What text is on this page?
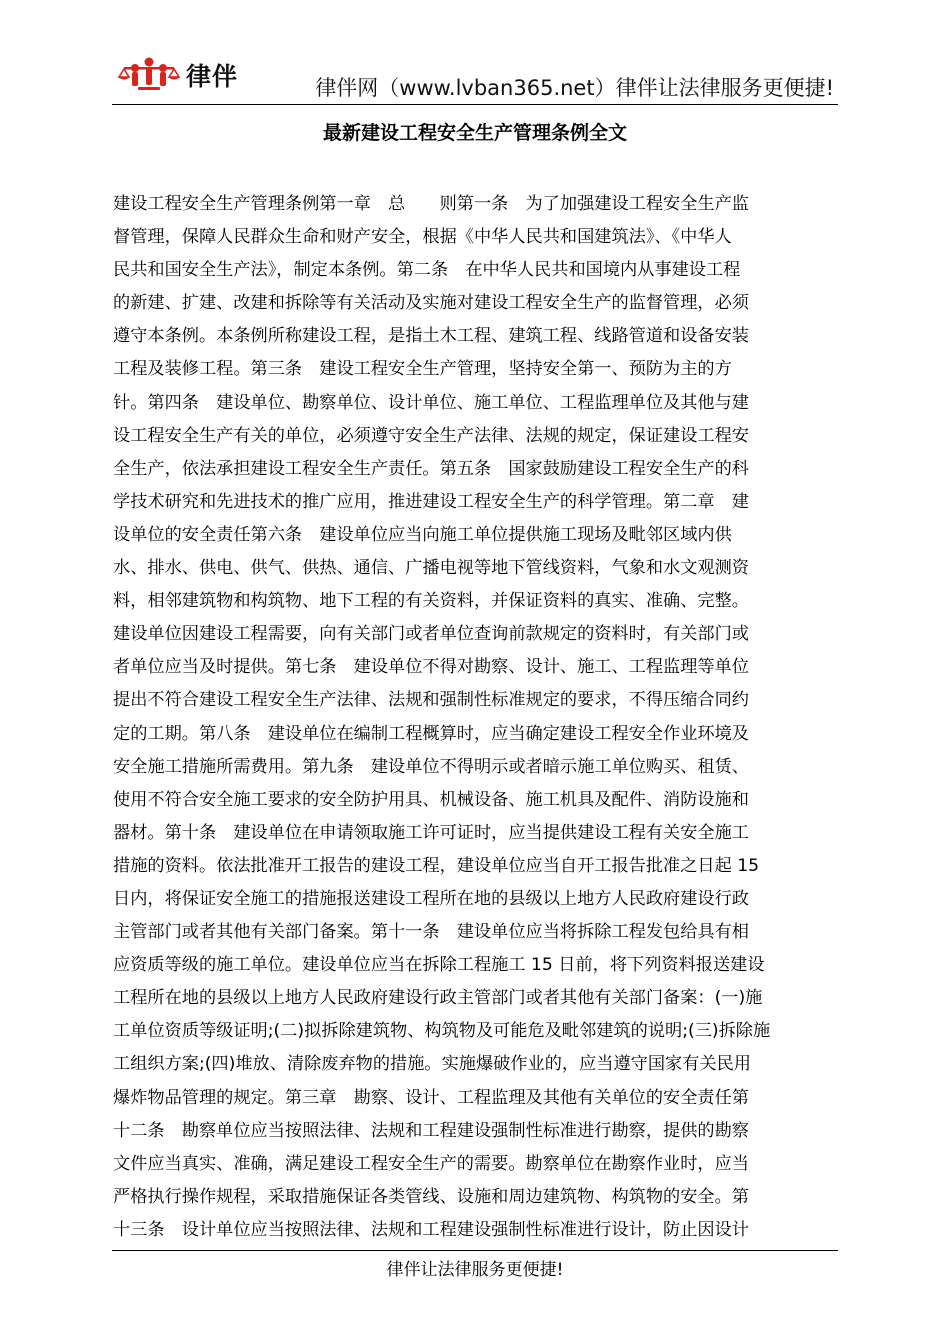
律伴	律伴网（www.lvban365.net）律伴让法律服务更便捷!
最新建设工程安全生产管理条例全文
建设工程安全生产管理条例第一章　总　　则第一条　为了加强建设工程安全生产监
督管理，保障人民群众生命和财产安全，根据《中华人民共和国建筑法》、《中华人
民共和国安全生产法》，制定本条例。第二条　在中华人民共和国境内从事建设工程
的新建、扩建、改建和拆除等有关活动及实施对建设工程安全生产的监督管理，必须
遵守本条例。本条例所称建设工程，是指土木工程、建筑工程、线路管道和设备安装
工程及装修工程。第三条　建设工程安全生产管理，坚持安全第一、预防为主的方
针。第四条　建设单位、勘察单位、设计单位、施工单位、工程监理单位及其他与建
设工程安全生产有关的单位，必须遵守安全生产法律、法规的规定，保证建设工程安
全生产，依法承担建设工程安全生产责任。第五条　国家鼓励建设工程安全生产的科
学技术研究和先进技术的推广应用，推进建设工程安全生产的科学管理。第二章　建
设单位的安全责任第六条　建设单位应当向施工单位提供施工现场及毗邻区域内供
水、排水、供电、供气、供热、通信、广播电视等地下管线资料，气象和水文观测资
料，相邻建筑物和构筑物、地下工程的有关资料，并保证资料的真实、准确、完整。
建设单位因建设工程需要，向有关部门或者单位查询前款规定的资料时，有关部门或
者单位应当及时提供。第七条　建设单位不得对勘察、设计、施工、工程监理等单位
提出不符合建设工程安全生产法律、法规和强制性标准规定的要求，不得压缩合同约
定的工期。第八条　建设单位在编制工程概算时，应当确定建设工程安全作业环境及
安全施工措施所需费用。第九条　建设单位不得明示或者暗示施工单位购买、租赁、
使用不符合安全施工要求的安全防护用具、机械设备、施工机具及配件、消防设施和
器材。第十条　建设单位在申请领取施工许可证时，应当提供建设工程有关安全施工
措施的资料。依法批准开工报告的建设工程，建设单位应当自开工报告批准之日起 15
日内，将保证安全施工的措施报送建设工程所在地的县级以上地方人民政府建设行政
主管部门或者其他有关部门备案。第十一条　建设单位应当将拆除工程发包给具有相
应资质等级的施工单位。建设单位应当在拆除工程施工 15 日前，将下列资料报送建设
工程所在地的县级以上地方人民政府建设行政主管部门或者其他有关部门备案：(一)施
工单位资质等级证明;(二)拟拆除建筑物、构筑物及可能危及毗邻建筑的说明;(三)拆除施
工组织方案;(四)堆放、清除废弃物的措施。实施爆破作业的，应当遵守国家有关民用
爆炸物品管理的规定。第三章　勘察、设计、工程监理及其他有关单位的安全责任第
十二条　勘察单位应当按照法律、法规和工程建设强制性标准进行勘察，提供的勘察
文件应当真实、准确，满足建设工程安全生产的需要。勘察单位在勘察作业时，应当
严格执行操作规程，采取措施保证各类管线、设施和周边建筑物、构筑物的安全。第
十三条　设计单位应当按照法律、法规和工程建设强制性标准进行设计，防止因设计
律伴让法律服务更便捷!
